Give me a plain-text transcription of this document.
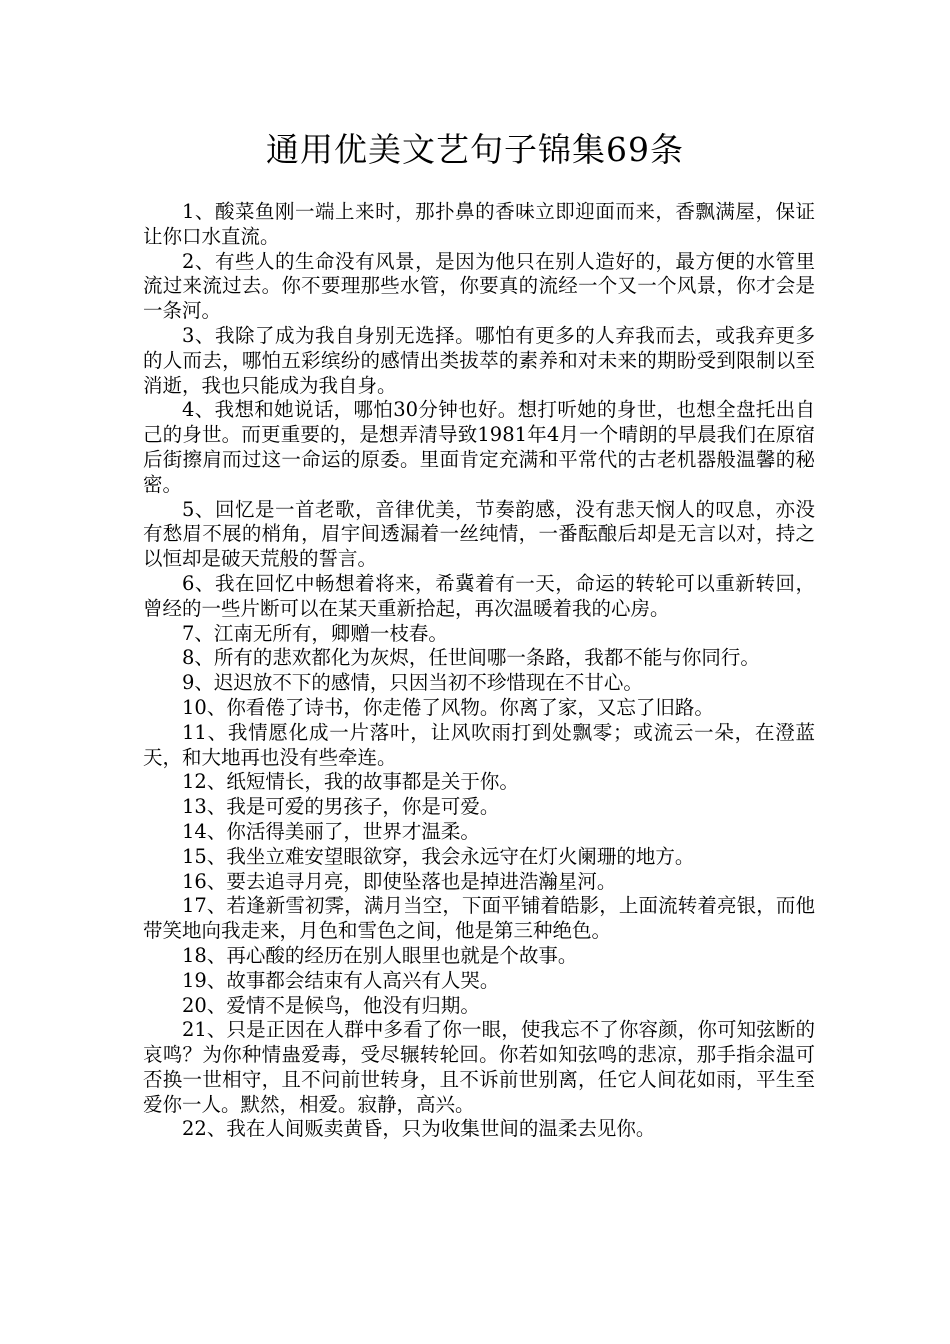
通用优美文艺句子锦集69条

1、酸菜鱼刚一端上来时，那扑鼻的香味立即迎面而来，香飘满屋，保证让你口水直流。

2、有些人的生命没有风景，是因为他只在别人造好的，最方便的水管里流过来流过去。你不要理那些水管，你要真的流经一个又一个风景，你才会是一条河。

3、我除了成为我自身别无选择。哪怕有更多的人弃我而去，或我弃更多的人而去，哪怕五彩缤纷的感情出类拔萃的素养和对未来的期盼受到限制以至消逝，我也只能成为我自身。

4、我想和她说话，哪怕30分钟也好。想打听她的身世，也想全盘托出自己的身世。而更重要的，是想弄清导致1981年4月一个晴朗的早晨我们在原宿后街擦肩而过这一命运的原委。里面肯定充满和平常代的古老机器般温馨的秘密。

5、回忆是一首老歌，音律优美，节奏韵感，没有悲天悯人的叹息，亦没有愁眉不展的梢角，眉宇间透漏着一丝纯情，一番酝酿后却是无言以对，持之以恒却是破天荒般的誓言。

6、我在回忆中畅想着将来，希冀着有一天，命运的转轮可以重新转回，曾经的一些片断可以在某天重新拾起，再次温暖着我的心房。

7、江南无所有，卿赠一枝春。

8、所有的悲欢都化为灰烬，任世间哪一条路，我都不能与你同行。

9、迟迟放不下的感情，只因当初不珍惜现在不甘心。

10、你看倦了诗书，你走倦了风物。你离了家，又忘了旧路。

11、我情愿化成一片落叶，让风吹雨打到处飘零；或流云一朵，在澄蓝天，和大地再也没有些牵连。

12、纸短情长，我的故事都是关于你。

13、我是可爱的男孩子，你是可爱。

14、你活得美丽了，世界才温柔。

15、我坐立难安望眼欲穿，我会永远守在灯火阑珊的地方。

16、要去追寻月亮，即使坠落也是掉进浩瀚星河。

17、若逢新雪初霁，满月当空，下面平铺着皓影，上面流转着亮银，而他带笑地向我走来，月色和雪色之间，他是第三种绝色。

18、再心酸的经历在别人眼里也就是个故事。

19、故事都会结束有人高兴有人哭。

20、爱情不是候鸟，他没有归期。

21、只是正因在人群中多看了你一眼，使我忘不了你容颜，你可知弦断的哀鸣？为你种情蛊爱毒，受尽辗转轮回。你若如知弦鸣的悲凉，那手指余温可否换一世相守，且不问前世转身，且不诉前世别离，任它人间花如雨，平生至爱你一人。默然，相爱。寂静，高兴。

22、我在人间贩卖黄昏，只为收集世间的温柔去见你。
